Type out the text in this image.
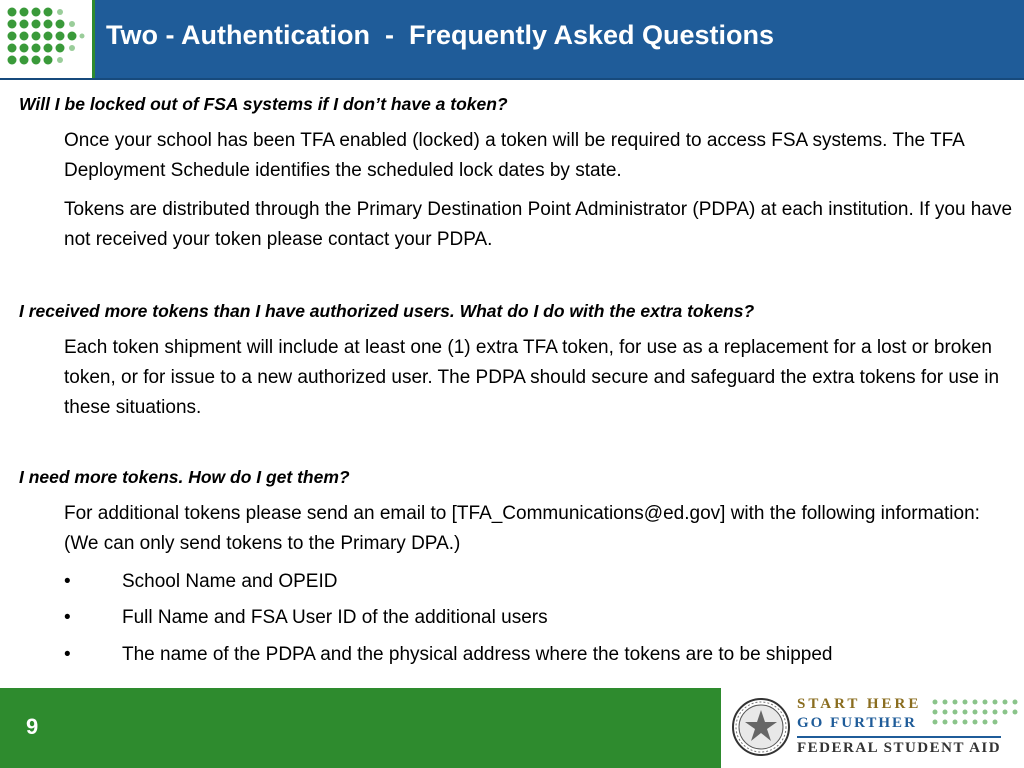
Two - Authentication  -  Frequently Asked Questions
Will I be locked out of FSA systems if I don’t have a token?
Once your school has been TFA enabled (locked) a token will be required to access FSA systems. The TFA Deployment Schedule identifies the scheduled lock dates by state.
Tokens are distributed through the Primary Destination Point Administrator (PDPA) at each institution. If you have not received your token please contact your PDPA.
I received more tokens than I have authorized users. What do I do with the extra tokens?
Each token shipment will include at least one (1) extra TFA token, for use as a replacement for a lost or broken token, or for issue to a new authorized user. The PDPA should secure and safeguard the extra tokens for use in these situations.
I need more tokens. How do I get them?
For additional tokens please send an email to [TFA_Communications@ed.gov] with the following information: (We can only send tokens to the Primary DPA.)
•	School Name and OPEID
•	Full Name and FSA User ID of the additional users
•	The name of the PDPA and the physical address where the tokens are to be shipped
9
START HERE
GO FURTHER
FEDERAL STUDENT AID
